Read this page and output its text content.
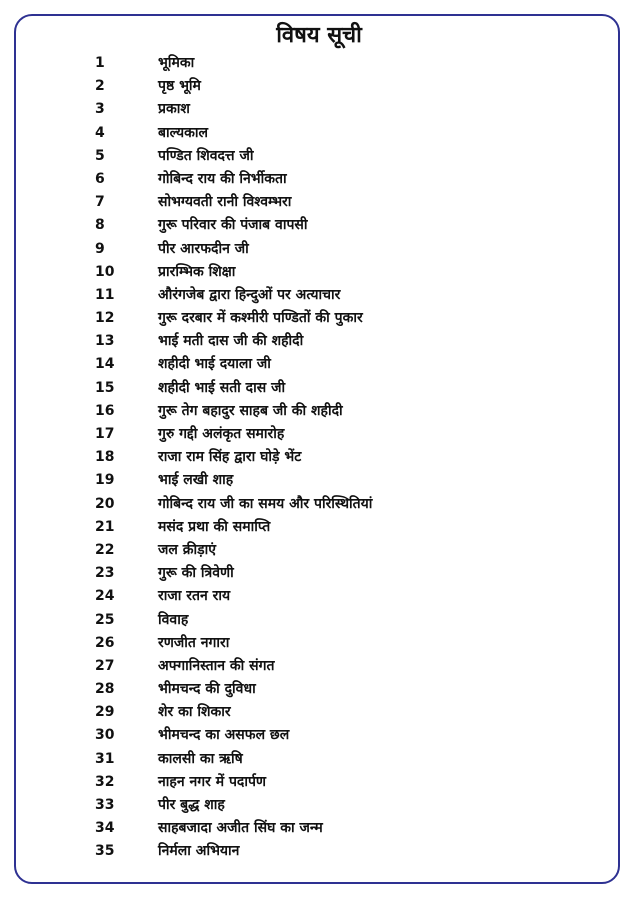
विषय सूची
1	भूमिका
2	पृष्ठ भूमि
3	प्रकाश
4	बाल्यकाल
5	पण्डित शिवदत्त जी
6	गोबिन्द राय की निर्भीकता
7	सोभग्यवती रानी विश्वम्भरा
8	गुरू परिवार की पंजाब वापसी
9	पीर आरफदीन जी
10	प्रारम्भिक शिक्षा
11	औरंगजेब द्वारा हिन्दुओं पर अत्याचार
12	गुरू दरबार में कश्मीरी पण्डितों की पुकार
13	भाई मती दास जी की शहीदी
14	शहीदी भाई दयाला जी
15	शहीदी भाई सती दास जी
16	गुरू तेग बहादुर साहब जी की शहीदी
17	गुरु गद्दी अलंकृत समारोह
18	राजा राम सिंह द्वारा घोड़े भेंट
19	भाई लखी शाह
20	गोबिन्द राय जी का समय और परिस्थितियां
21	मसंद प्रथा की समाप्ति
22	जल क्रीड़ाएं
23	गुरू की त्रिवेणी
24	राजा रतन राय
25	विवाह
26	रणजीत नगारा
27	अफ्गानिस्तान की संगत
28	भीमचन्द की दुविधा
29	शेर का शिकार
30	भीमचन्द का असफल छल
31	कालसी का ऋषि
32	नाहन नगर में पदार्पण
33	पीर बुद्ध शाह
34	साहबजादा अजीत सिंघ का जन्म
35	निर्मला अभियान
